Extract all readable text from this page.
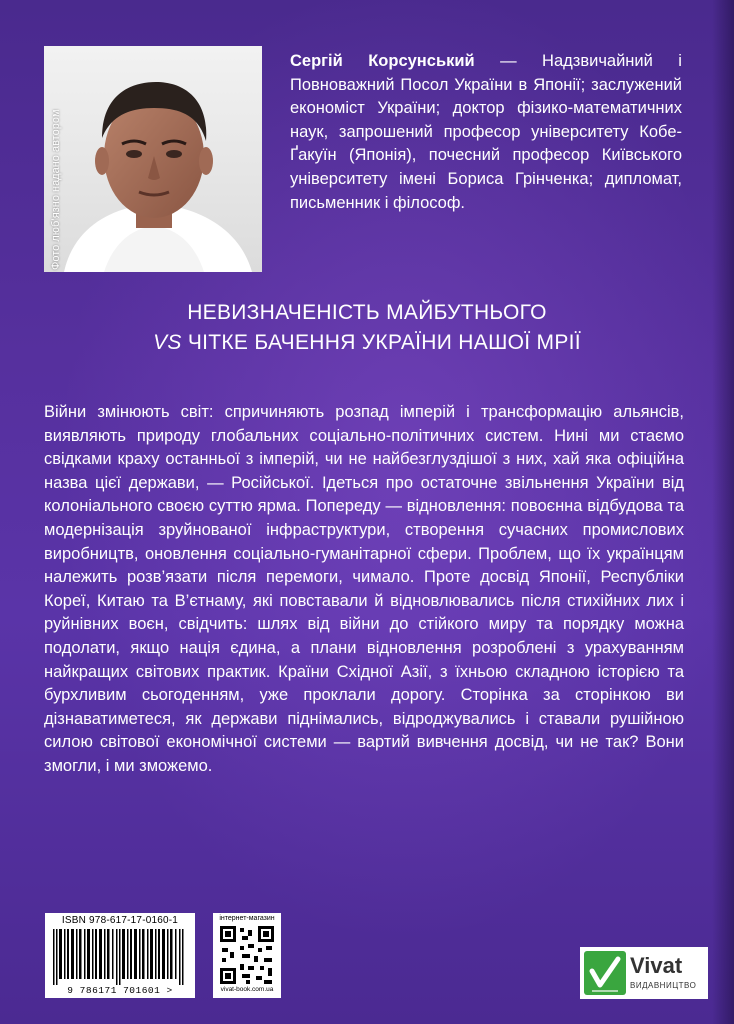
Фото люб’язно надано автором
Сергій Корсунський — Надзвичайний і Повноважний Посол України в Японії; заслужений економіст України; доктор фізико-математичних наук, запрошений професор університету Кобе-Ґакуїн (Японія), почесний професор Київського університету імені Бориса Грінченка; дипломат, письменник і філософ.
НЕВИЗНАЧЕНІСТЬ МАЙБУТНЬОГО
VS ЧІТКЕ БАЧЕННЯ УКРАЇНИ НАШОЇ МРІЇ
Війни змінюють світ: спричиняють розпад імперій і трансформацію альянсів, виявляють природу глобальних соціально-політичних систем. Нині ми стаємо свідками краху останньої з імперій, чи не найбезглуздішої з них, хай яка офіційна назва цієї держави, — Російської. Ідеться про остаточне звільнення України від колоніального своєю суттю ярма. Попереду — відновлення: повоєнна відбудова та модернізація зруйнованої інфраструктури, створення сучасних промислових виробництв, оновлення соціально-гуманітарної сфери. Проблем, що їх українцям належить розв’язати після перемоги, чимало. Проте досвід Японії, Республіки Кореї, Китаю та В’єтнаму, які повставали й відновлювались після стихійних лих і руйнівних воєн, свідчить: шлях від війни до стійкого миру та порядку можна подолати, якщо нація єдина, а плани відновлення розроблені з урахуванням найкращих світових практик. Країни Східної Азії, з їхньою складною історією та бурхливим сьогоденням, уже проклали дорогу. Сторінка за сторінкою ви дізнаватиметеся, як держави піднімались, відроджувались і ставали рушійною силою світової економічної системи — вартий вивчення досвід, чи не так? Вони змогли, і ми зможемо.
ISBN 978-617-17-0160-1
9 786171 701601 >
інтернет-магазин
vivat-book.com.ua
Vivat
ВИДАВНИЦТВО
